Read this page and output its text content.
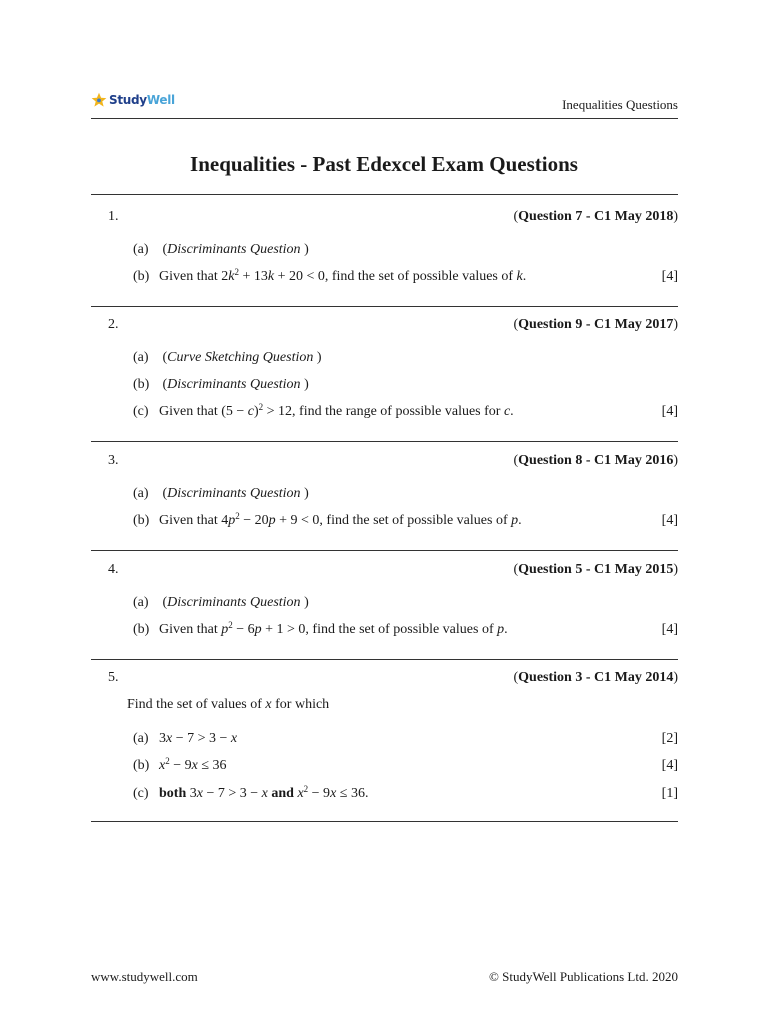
Study Well	Inequalities Questions
Inequalities - Past Edexcel Exam Questions
1.	(Question 7 - C1 May 2018)
(a) (Discriminants Question )
(b) Given that $2k^2 + 13k + 20 < 0$, find the set of possible values of k.	[4]
2.	(Question 9 - C1 May 2017)
(a) (Curve Sketching Question )
(b) (Discriminants Question )
(c) Given that $(5 - c)^2 > 12$, find the range of possible values for c.	[4]
3.	(Question 8 - C1 May 2016)
(a) (Discriminants Question )
(b) Given that $4p^2 - 20p + 9 < 0$, find the set of possible values of p.	[4]
4.	(Question 5 - C1 May 2015)
(a) (Discriminants Question )
(b) Given that $p^2 - 6p + 1 > 0$, find the set of possible values of p.	[4]
5.	(Question 3 - C1 May 2014)
Find the set of values of x for which
(a) 3x − 7 > 3 − x	[2]
(b) $x^2 - 9x \le 36$	[4]
(c) both 3x − 7 > 3 − x and $x^2 - 9x \le 36$.	[1]
www.studywell.com	© StudyWell Publications Ltd. 2020
